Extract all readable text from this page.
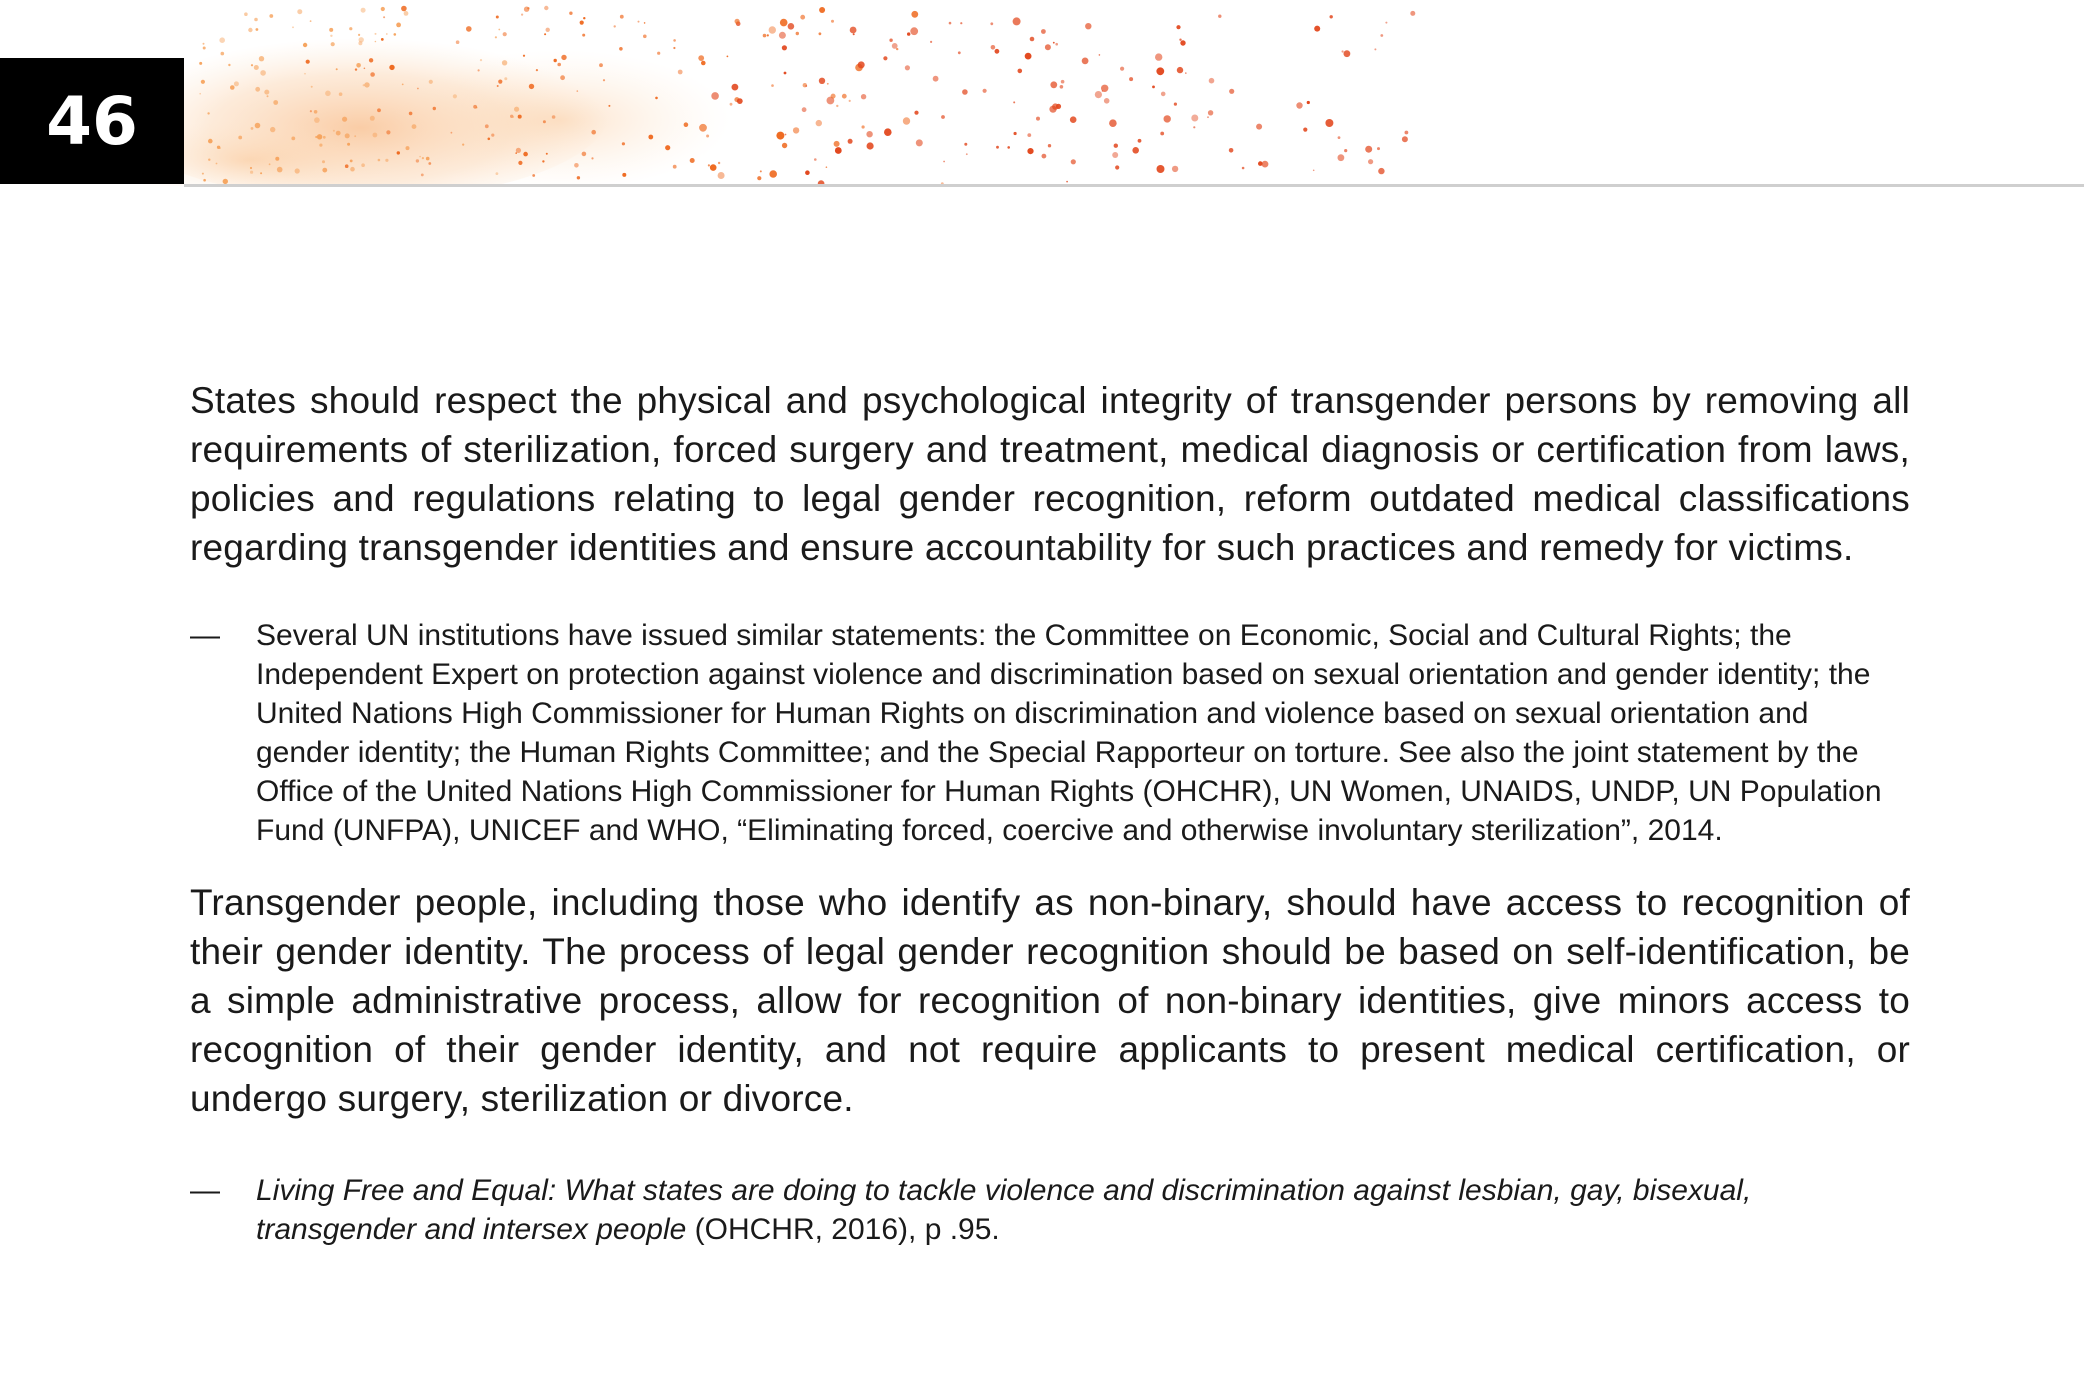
46

States should respect the physical and psychological integrity of transgender persons by removing all requirements of sterilization, forced surgery and treatment, medical diagnosis or certification from laws, policies and regulations relating to legal gender recognition, reform outdated medical classifications regarding transgender identities and ensure accountability for such practices and remedy for victims.

— Several UN institutions have issued similar statements: the Committee on Economic, Social and Cultural Rights; the Independent Expert on protection against violence and discrimination based on sexual orientation and gender identity; the United Nations High Commissioner for Human Rights on discrimination and violence based on sexual orientation and gender identity; the Human Rights Committee; and the Special Rapporteur on torture. See also the joint statement by the Office of the United Nations High Commissioner for Human Rights (OHCHR), UN Women, UNAIDS, UNDP, UN Population Fund (UNFPA), UNICEF and WHO, “Eliminating forced, coercive and otherwise involuntary sterilization”, 2014.

Transgender people, including those who identify as non-binary, should have access to recognition of their gender identity. The process of legal gender recognition should be based on self-identification, be a simple administrative process, allow for recognition of non-binary identities, give minors access to recognition of their gender identity, and not require applicants to present medical certification, or undergo surgery, sterilization or divorce.

— Living Free and Equal: What states are doing to tackle violence and discrimination against lesbian, gay, bisexual, transgender and intersex people (OHCHR, 2016), p .95.
